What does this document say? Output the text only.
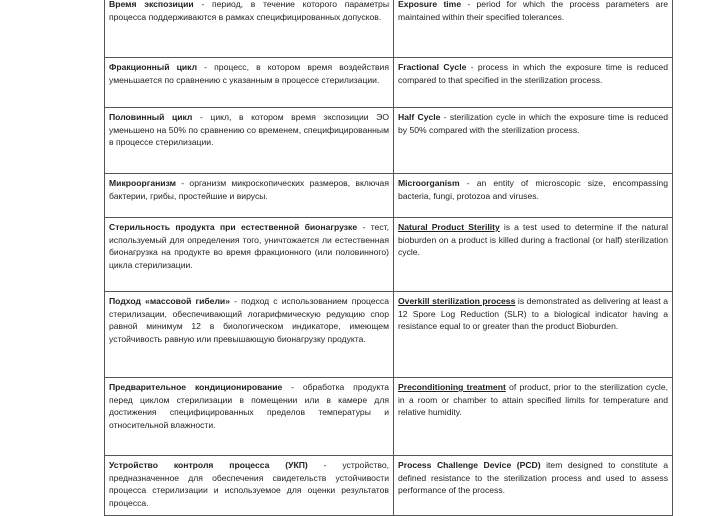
Время экспозиции - период, в течение которого параметры процесса поддерживаются в рамках специфицированных допусков.	Exposure time - period for which the process parameters are maintained within their specified tolerances.
Фракционный цикл - процесс, в котором время воздействия уменьшается по сравнению с указанным в процессе стерилизации.	Fractional Cycle - process in which the exposure time is reduced compared to that specified in the sterilization process.
Половинный цикл - цикл, в котором время экспозиции ЭО уменьшено на 50% по сравнению со временем, специфицированным в процессе стерилизации.	Half Cycle - sterilization cycle in which the exposure time is reduced by 50% compared with the sterilization process.
Микроорганизм - организм микроскопических размеров, включая бактерии, грибы, простейшие и вирусы.	Microorganism - an entity of microscopic size, encompassing bacteria, fungi, protozoa and viruses.
Стерильность продукта при естественной бионагрузке - тест, используемый для определения того, уничтожается ли естественная бионагрузка на продукте во время фракционного (или половинного) цикла стерилизации.	Natural Product Sterility is a test used to determine if the natural bioburden on a product is killed during a fractional (or half) sterilization cycle.
Подход «массовой гибели» - подход с использованием процесса стерилизации, обеспечивающий логарифмическую редукцию спор равной минимум 12 в биологическом индикаторе, имеющем устойчивость равную или превышающую бионагрузку продукта.	Overkill sterilization process is demonstrated as delivering at least a 12 Spore Log Reduction (SLR) to a biological indicator having a resistance equal to or greater than the product Bioburden.
Предварительное кондиционирование - обработка продукта перед циклом стерилизации в помещении или в камере для достижения специфицированных пределов температуры и относительной влажности.	Preconditioning treatment of product, prior to the sterilization cycle, in a room or chamber to attain specified limits for temperature and relative humidity.
Устройство контроля процесса (УКП) - устройство, предназначенное для обеспечения свидетельств устойчивости процесса стерилизации и используемое для оценки результатов процесса.	Process Challenge Device (PCD) item designed to constitute a defined resistance to the sterilization process and used to assess performance of the process.
